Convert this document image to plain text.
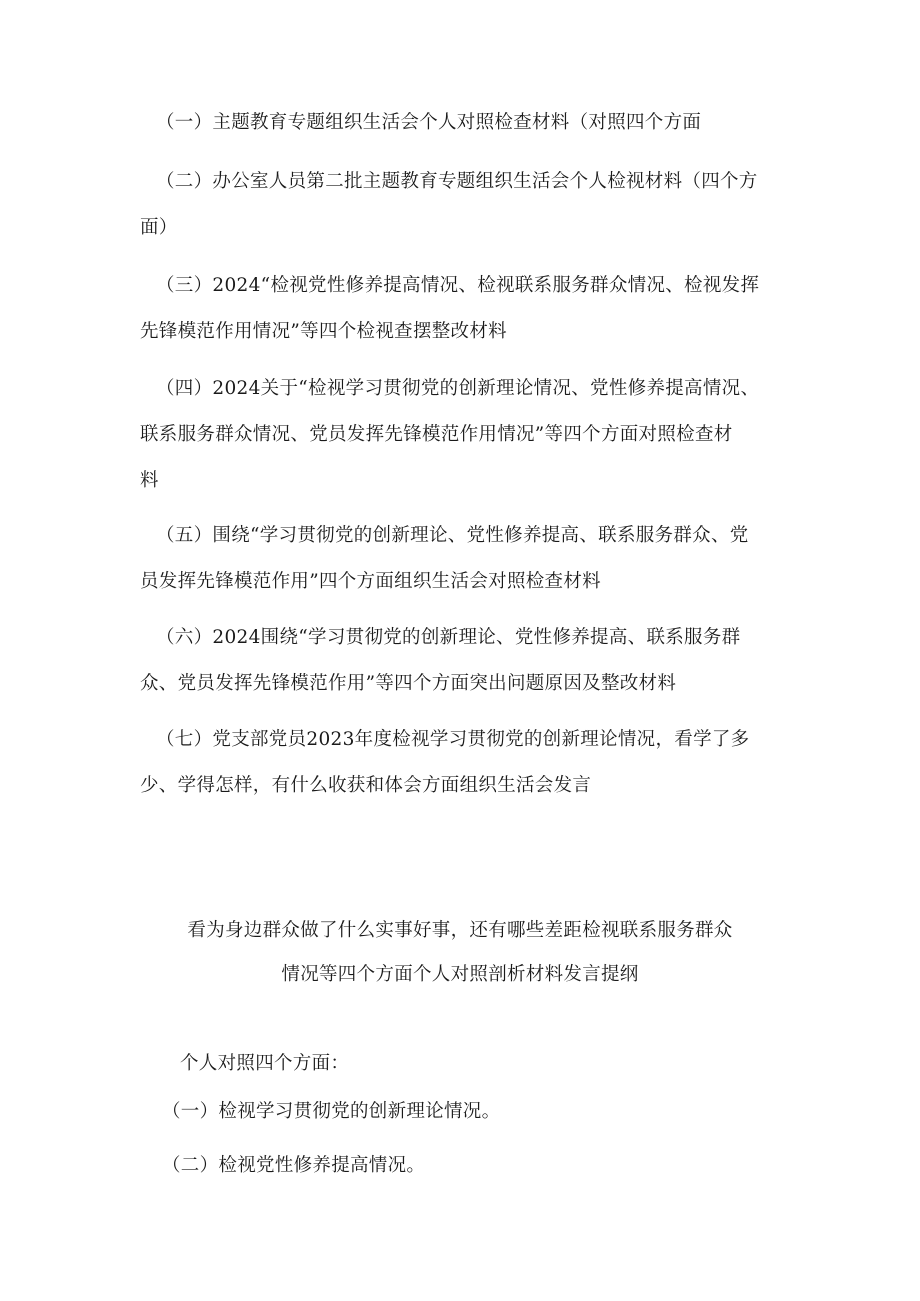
（一）主题教育专题组织生活会个人对照检查材料（对照四个方面
（二）办公室人员第二批主题教育专题组织生活会个人检视材料（四个方
面）
（三）2024“检视党性修养提高情况、检视联系服务群众情况、检视发挥
先锋模范作用情况”等四个检视查摆整改材料
（四）2024关于“检视学习贯彻党的创新理论情况、党性修养提高情况、
联系服务群众情况、党员发挥先锋模范作用情况”等四个方面对照检查材
料
（五）围绕“学习贯彻党的创新理论、党性修养提高、联系服务群众、党
员发挥先锋模范作用”四个方面组织生活会对照检查材料
（六）2024围绕“学习贯彻党的创新理论、党性修养提高、联系服务群
众、党员发挥先锋模范作用”等四个方面突出问题原因及整改材料
（七）党支部党员2023年度检视学习贯彻党的创新理论情况，看学了多
少、学得怎样，有什么收获和体会方面组织生活会发言
看为身边群众做了什么实事好事，还有哪些差距检视联系服务群众
情况等四个方面个人对照剖析材料发言提纲
个人对照四个方面：
（一）检视学习贯彻党的创新理论情况。
（二）检视党性修养提高情况。
